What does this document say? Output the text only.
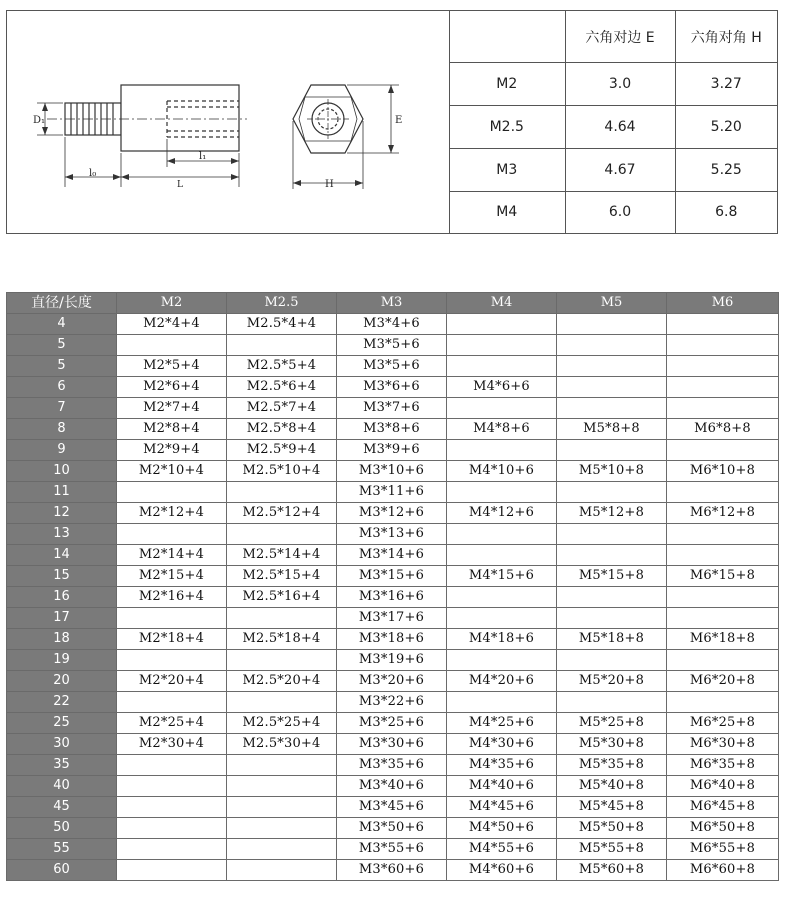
D₁
l₀
L
l₁
E
H
	六角对边 E	六角对角 H
M2	3.0	3.27
M2.5	4.64	5.20
M3	4.67	5.25
M4	6.0	6.8
直径/长度	M2	M2.5	M3	M4	M5	M6
4	M2*4+4	M2.5*4+4	M3*4+6			
5			M3*5+6			
5	M2*5+4	M2.5*5+4	M3*5+6			
6	M2*6+4	M2.5*6+4	M3*6+6	M4*6+6		
7	M2*7+4	M2.5*7+4	M3*7+6			
8	M2*8+4	M2.5*8+4	M3*8+6	M4*8+6	M5*8+8	M6*8+8
9	M2*9+4	M2.5*9+4	M3*9+6			
10	M2*10+4	M2.5*10+4	M3*10+6	M4*10+6	M5*10+8	M6*10+8
11			M3*11+6			
12	M2*12+4	M2.5*12+4	M3*12+6	M4*12+6	M5*12+8	M6*12+8
13			M3*13+6			
14	M2*14+4	M2.5*14+4	M3*14+6			
15	M2*15+4	M2.5*15+4	M3*15+6	M4*15+6	M5*15+8	M6*15+8
16	M2*16+4	M2.5*16+4	M3*16+6			
17			M3*17+6			
18	M2*18+4	M2.5*18+4	M3*18+6	M4*18+6	M5*18+8	M6*18+8
19			M3*19+6			
20	M2*20+4	M2.5*20+4	M3*20+6	M4*20+6	M5*20+8	M6*20+8
22			M3*22+6			
25	M2*25+4	M2.5*25+4	M3*25+6	M4*25+6	M5*25+8	M6*25+8
30	M2*30+4	M2.5*30+4	M3*30+6	M4*30+6	M5*30+8	M6*30+8
35			M3*35+6	M4*35+6	M5*35+8	M6*35+8
40			M3*40+6	M4*40+6	M5*40+8	M6*40+8
45			M3*45+6	M4*45+6	M5*45+8	M6*45+8
50			M3*50+6	M4*50+6	M5*50+8	M6*50+8
55			M3*55+6	M4*55+6	M5*55+8	M6*55+8
60			M3*60+6	M4*60+6	M5*60+8	M6*60+8
